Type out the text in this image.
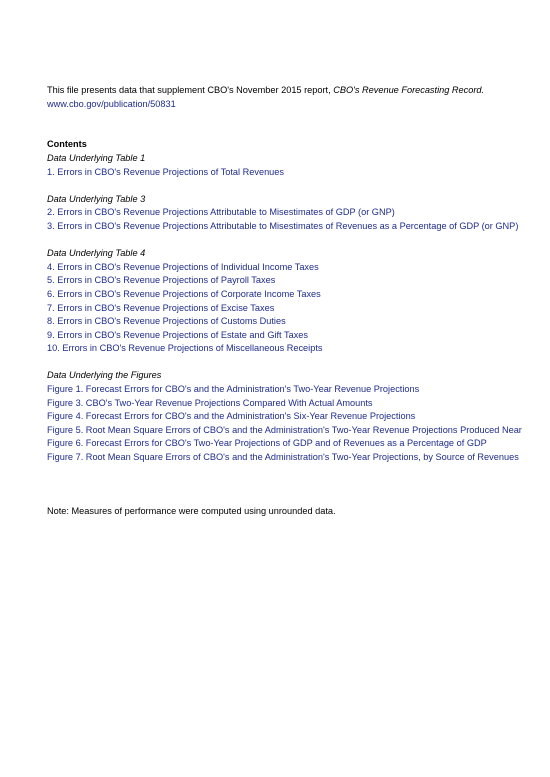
This file presents data that supplement CBO's November 2015 report, CBO's Revenue Forecasting Record.
www.cbo.gov/publication/50831
Contents
Data Underlying Table 1
1. Errors in CBO's Revenue Projections of Total Revenues
Data Underlying Table 3
2. Errors in CBO's Revenue Projections Attributable to Misestimates of GDP (or GNP)
3. Errors in CBO's Revenue Projections Attributable to Misestimates of Revenues as a Percentage of GDP (or GNP)
Data Underlying Table 4
4. Errors in CBO's Revenue Projections of Individual Income Taxes
5. Errors in CBO's Revenue Projections of Payroll Taxes
6. Errors in CBO's Revenue Projections of Corporate Income Taxes
7. Errors in CBO's Revenue Projections of Excise Taxes
8. Errors in CBO's Revenue Projections of Customs Duties
9. Errors in CBO's Revenue Projections of Estate and Gift Taxes
10. Errors in CBO's Revenue Projections of Miscellaneous Receipts
Data Underlying the Figures
Figure 1. Forecast Errors for CBO's and the Administration's Two-Year Revenue Projections
Figure 3. CBO's Two-Year Revenue Projections Compared With Actual Amounts
Figure 4. Forecast Errors for CBO's and the Administration's Six-Year Revenue Projections
Figure 5. Root Mean Square Errors of CBO's and the Administration's Two-Year Revenue Projections Produced Near
Figure 6. Forecast Errors for CBO's Two-Year Projections of GDP and of Revenues as a Percentage of GDP
Figure 7. Root Mean Square Errors of CBO's and the Administration's Two-Year Projections, by Source of Revenues
Note: Measures of performance were computed using unrounded data.
